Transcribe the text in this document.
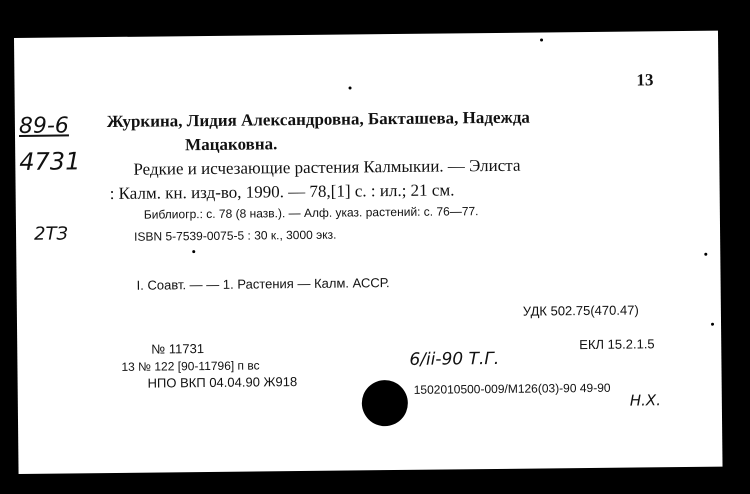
13
89-6
4731
2ТЗ
Журкина, Лидия Александровна, Бакташева, Надежда
Мацаковна.
Редкие и исчезающие растения Калмыкии. — Элиста
: Калм. кн. изд-во, 1990. — 78,[1] с. : ил.; 21 см.
Библиогр.: с. 78 (8 назв.). — Алф. указ. растений: с. 76—77.
ISBN 5-7539-0075-5 : 30 к., 3000 экз.
I. Соавт. — — 1. Растения — Калм. АССР.
УДК 502.75(470.47)
№ 11731	ЕКЛ 15.2.1.5
13 № 122 [90-11796] п вс
НПО ВКП 04.04.90 Ж918
6/ii-90 Т.Г.
1502010500-009/М126(03)-90 49-90
Н.Х.
